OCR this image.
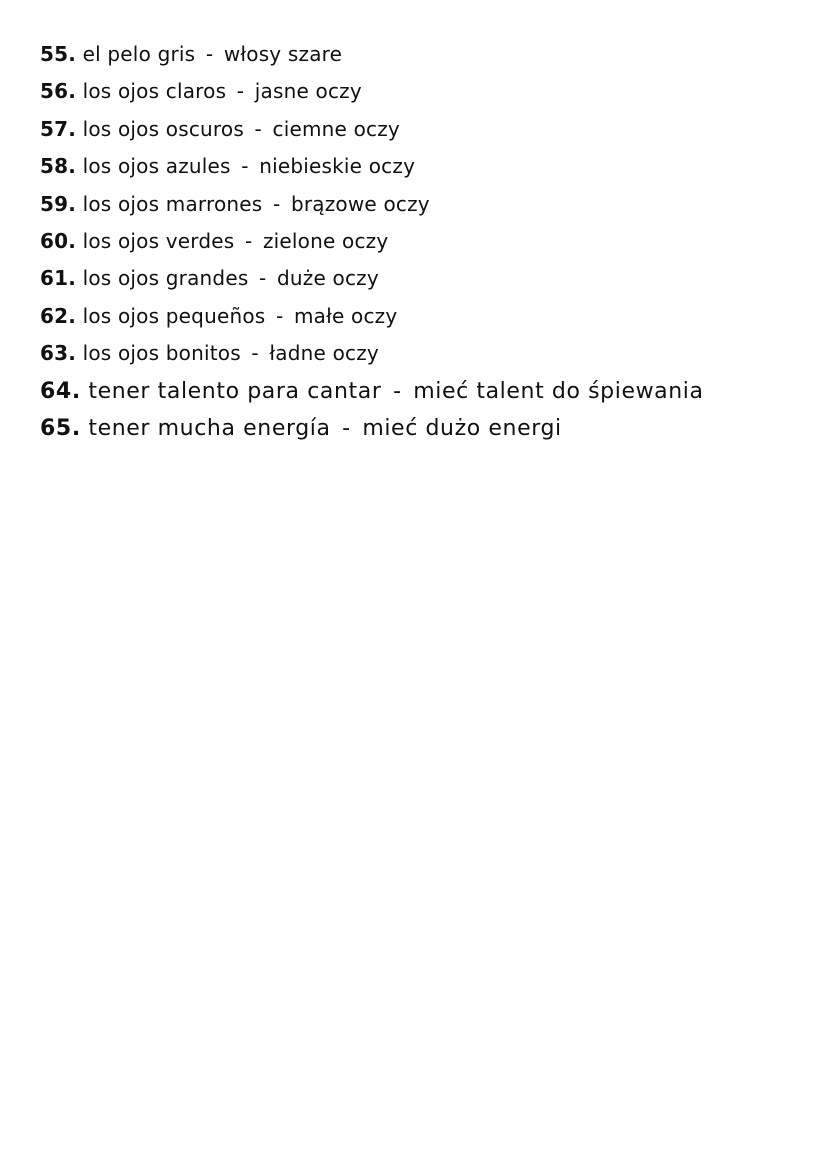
55. el pelo gris - włosy szare
56. los ojos claros - jasne oczy
57. los ojos oscuros - ciemne oczy
58. los ojos azules - niebieskie oczy
59. los ojos marrones - brązowe oczy
60. los ojos verdes - zielone oczy
61. los ojos grandes - duże oczy
62. los ojos pequeños - małe oczy
63. los ojos bonitos - ładne oczy
64. tener talento para cantar - mieć talent do śpiewania
65. tener mucha energía - mieć dużo energi
